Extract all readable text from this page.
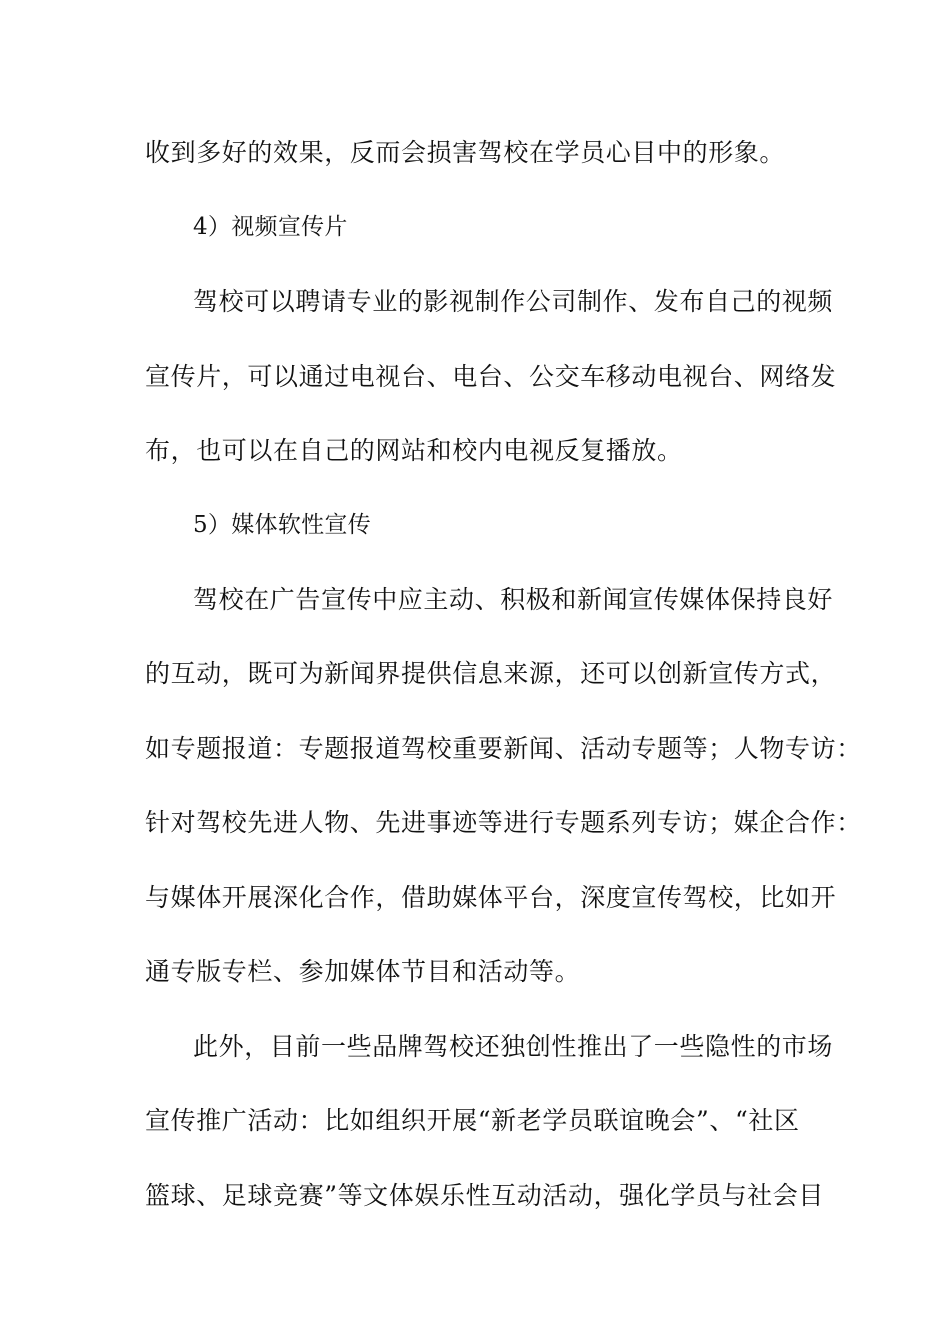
收到多好的效果，反而会损害驾校在学员心目中的形象。
4）视频宣传片
驾校可以聘请专业的影视制作公司制作、发布自己的视频
宣传片，可以通过电视台、电台、公交车移动电视台、网络发
布，也可以在自己的网站和校内电视反复播放。
5）媒体软性宣传
驾校在广告宣传中应主动、积极和新闻宣传媒体保持良好
的互动，既可为新闻界提供信息来源，还可以创新宣传方式，
如专题报道：专题报道驾校重要新闻、活动专题等；人物专访：
针对驾校先进人物、先进事迹等进行专题系列专访；媒企合作：
与媒体开展深化合作，借助媒体平台，深度宣传驾校，比如开
通专版专栏、参加媒体节目和活动等。
此外，目前一些品牌驾校还独创性推出了一些隐性的市场
宣传推广活动：比如组织开展“新老学员联谊晚会”、“社区
篮球、足球竞赛”等文体娱乐性互动活动，强化学员与社会目
